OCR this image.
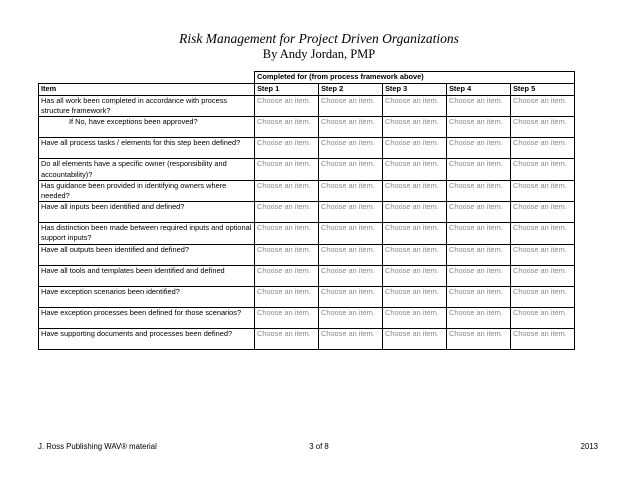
Risk Management for Project Driven Organizations
By Andy Jordan, PMP
	Completed for (from process framework above)				
Item	Step 1	Step 2	Step 3	Step 4	Step 5
Has all work been completed in accordance with process structure framework?	Choose an item.	Choose an item.	Choose an item.	Choose an item.	Choose an item.
If No, have exceptions been approved?	Choose an item.	Choose an item.	Choose an item.	Choose an item.	Choose an item.
Have all process tasks / elements for this step been defined?	Choose an item.	Choose an item.	Choose an item.	Choose an item.	Choose an item.
Do all elements have a specific owner (responsibility and accountability)?	Choose an item.	Choose an item.	Choose an item.	Choose an item.	Choose an item.
Has guidance been provided in identifying owners where needed?	Choose an item.	Choose an item.	Choose an item.	Choose an item.	Choose an item.
Have all inputs been identified and defined?	Choose an item.	Choose an item.	Choose an item.	Choose an item.	Choose an item.
Has distinction been made between required inputs and optional support inputs?	Choose an item.	Choose an item.	Choose an item.	Choose an item.	Choose an item.
Have all outputs been identified and defined?	Choose an item.	Choose an item.	Choose an item.	Choose an item.	Choose an item.
Have all tools and templates been identified and defined	Choose an item.	Choose an item.	Choose an item.	Choose an item.	Choose an item.
Have exception scenarios been identified?	Choose an item.	Choose an item.	Choose an item.	Choose an item.	Choose an item.
Have exception processes been defined for those scenarios?	Choose an item.	Choose an item.	Choose an item.	Choose an item.	Choose an item.
Have supporting documents and processes been defined?	Choose an item.	Choose an item.	Choose an item.	Choose an item.	Choose an item.
J. Ross Publishing WAV® material	3 of 8	2013
